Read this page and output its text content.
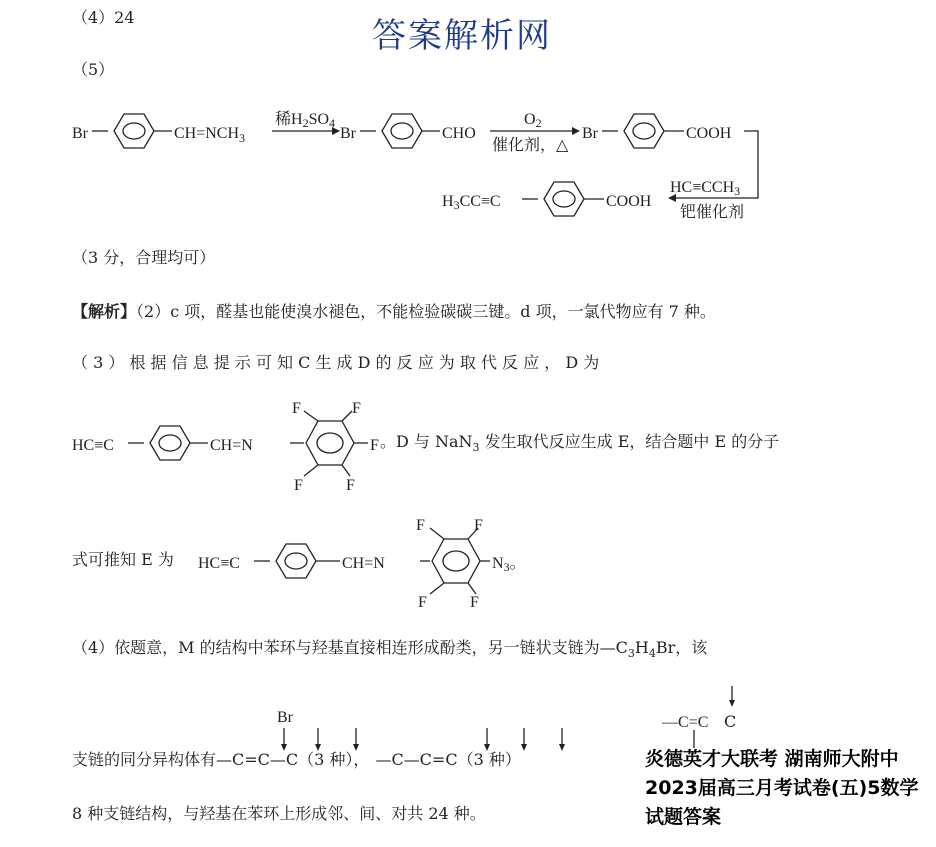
答案解析网
（4）24
（5）
Br	$CH=NCH_3$
稀H2SO4
Br	CHO
O2
催化剂，△
Br	COOH
HC≡CCH3
钯催化剂
H3CC≡C	COOH
HC≡C	CH=N
F	F
F
F	F
HC≡C	CH=N
F	F
N3。
F	F
Br	—C=C
（3 分，合理均可）
【解析】（2）c 项，醛基也能使溴水褪色，不能检验碳碳三键。d 项，一氯代物应有 7 种。
（ 3 ） 根 据 信 息 提 示 可 知 C 生 成 D 的 反 应 为 取 代 反 应 ， D 为
。D 与 NaN$_3$ 发生取代反应生成 E，结合题中 E 的分子
式可推知 E 为
（4）依题意，M 的结构中苯环与羟基直接相连形成酚类，另一链状支链为$—C_3H_4Br$，该
支链的同分异构体有—C=C—C（3 种）， —C—C=C（3 种）
C
8 种支链结构，与羟基在苯环上形成邻、间、对共 24 种。
炎德英才大联考 湖南师大附中2023届高三月考试卷(五)5数学试题答案
